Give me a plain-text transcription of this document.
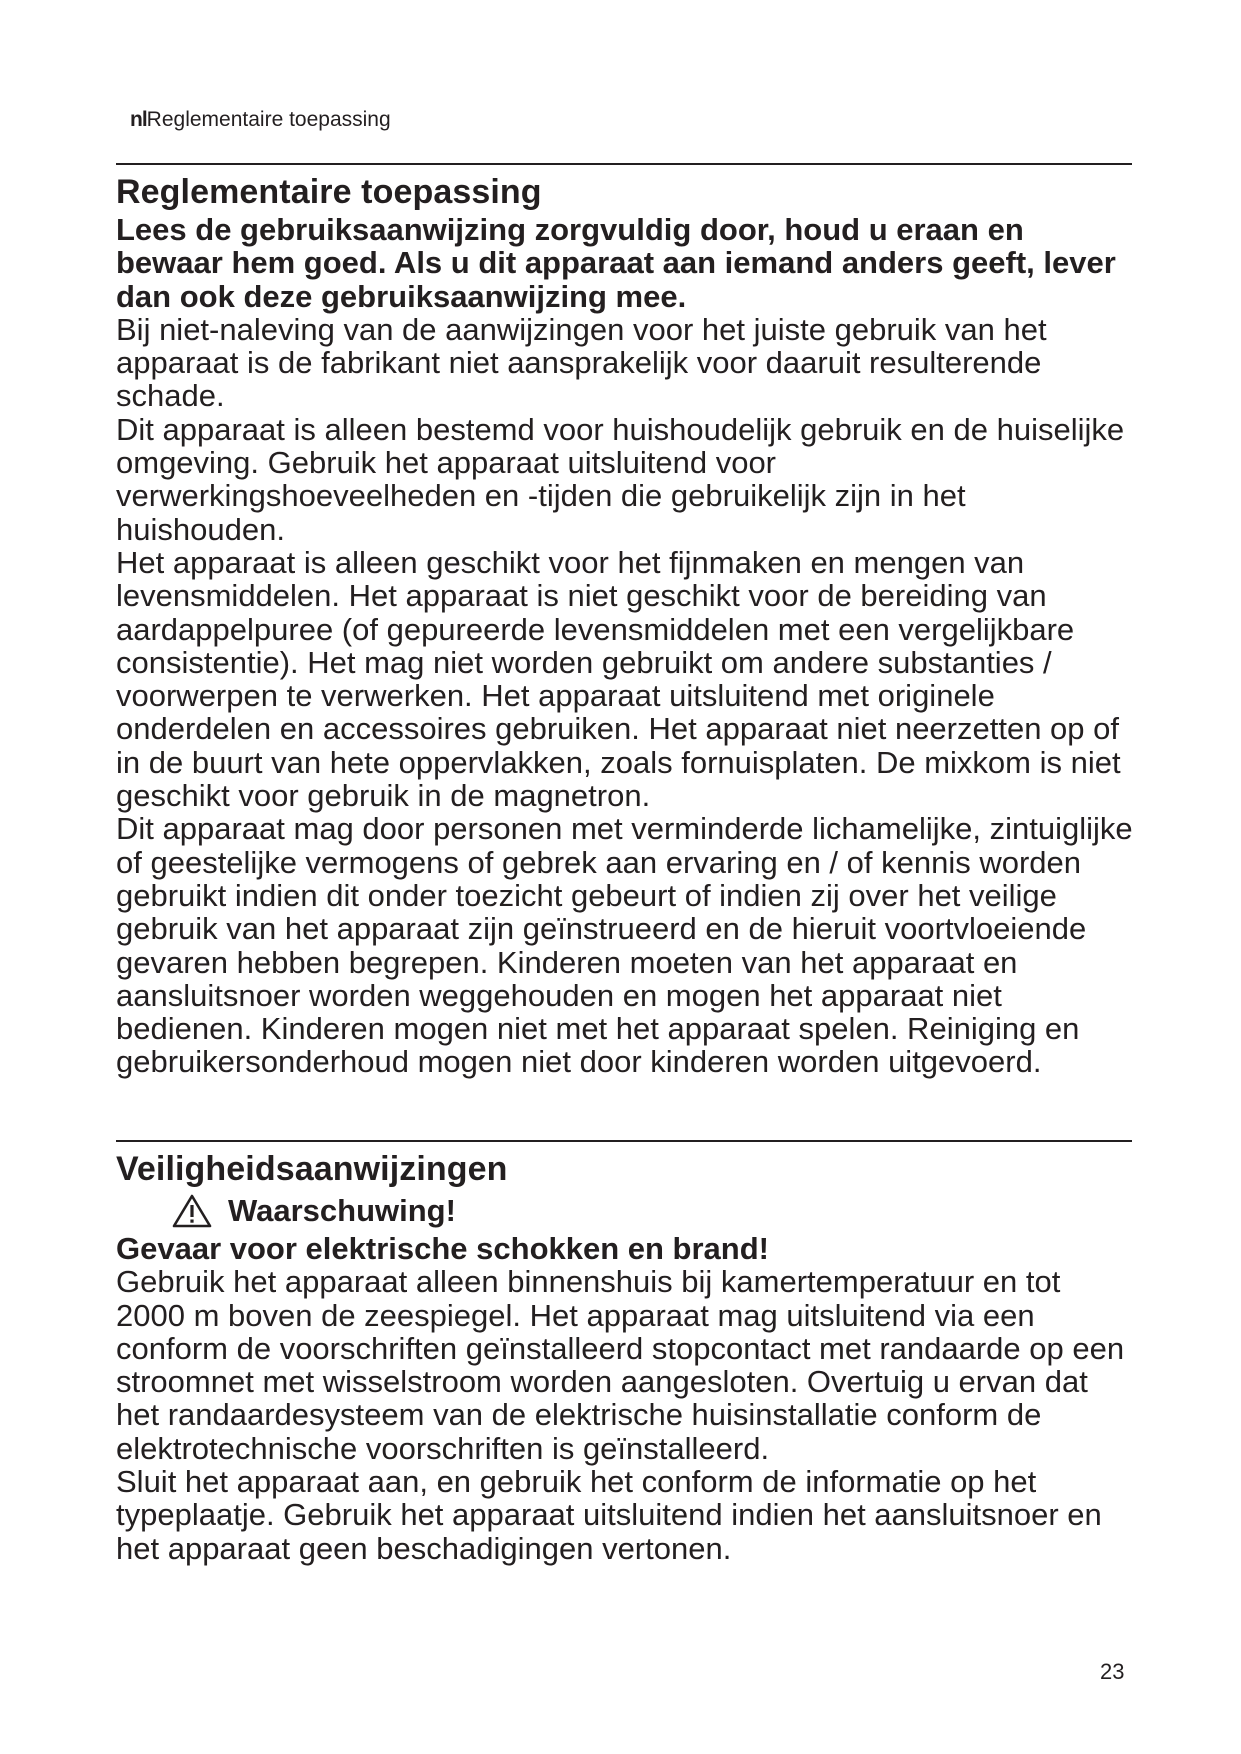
nlReglementaire toepassing
Reglementaire toepassing

Lees de gebruiksaanwijzing zorgvuldig door, houd u eraan en bewaar hem goed. Als u dit apparaat aan iemand anders geeft, lever dan ook deze gebruiksaanwijzing mee.

Bij niet-naleving van de aanwijzingen voor het juiste gebruik van het apparaat is de fabrikant niet aansprakelijk voor daaruit resulterende schade.

Dit apparaat is alleen bestemd voor huishoudelijk gebruik en de huiselijke omgeving. Gebruik het apparaat uitsluitend voor verwerkingshoeveelheden en -tijden die gebruikelijk zijn in het huishouden.

Het apparaat is alleen geschikt voor het fijnmaken en mengen van levensmiddelen. Het apparaat is niet geschikt voor de bereiding van aardappelpuree (of gepureerde levensmiddelen met een vergelijkbare consistentie). Het mag niet worden gebruikt om andere substanties / voorwerpen te verwerken. Het apparaat uitsluitend met originele onderdelen en accessoires gebruiken. Het apparaat niet neerzetten op of in de buurt van hete oppervlakken, zoals fornuisplaten. De mixkom is niet geschikt voor gebruik in de magnetron.

Dit apparaat mag door personen met verminderde lichamelijke, zintuiglijke of geestelijke vermogens of gebrek aan ervaring en / of kennis worden gebruikt indien dit onder toezicht gebeurt of indien zij over het veilige gebruik van het apparaat zijn geïnstrueerd en de hieruit voortvloeiende gevaren hebben begrepen. Kinderen moeten van het apparaat en aansluitsnoer worden weggehouden en mogen het apparaat niet bedienen. Kinderen mogen niet met het apparaat spelen. Reiniging en gebruikersonderhoud mogen niet door kinderen worden uitgevoerd.

Veiligheidsaanwijzingen
Waarschuwing!

Gevaar voor elektrische schokken en brand!

Gebruik het apparaat alleen binnenshuis bij kamertemperatuur en tot 2000 m boven de zeespiegel. Het apparaat mag uitsluitend via een conform de voorschriften geïnstalleerd stopcontact met randaarde op een stroomnet met wisselstroom worden aangesloten. Overtuig u ervan dat het randaardesysteem van de elektrische huisinstallatie conform de elektrotechnische voorschriften is geïnstalleerd.

Sluit het apparaat aan, en gebruik het conform de informatie op het typeplaatje. Gebruik het apparaat uitsluitend indien het aansluitsnoer en het apparaat geen beschadigingen vertonen.

23
